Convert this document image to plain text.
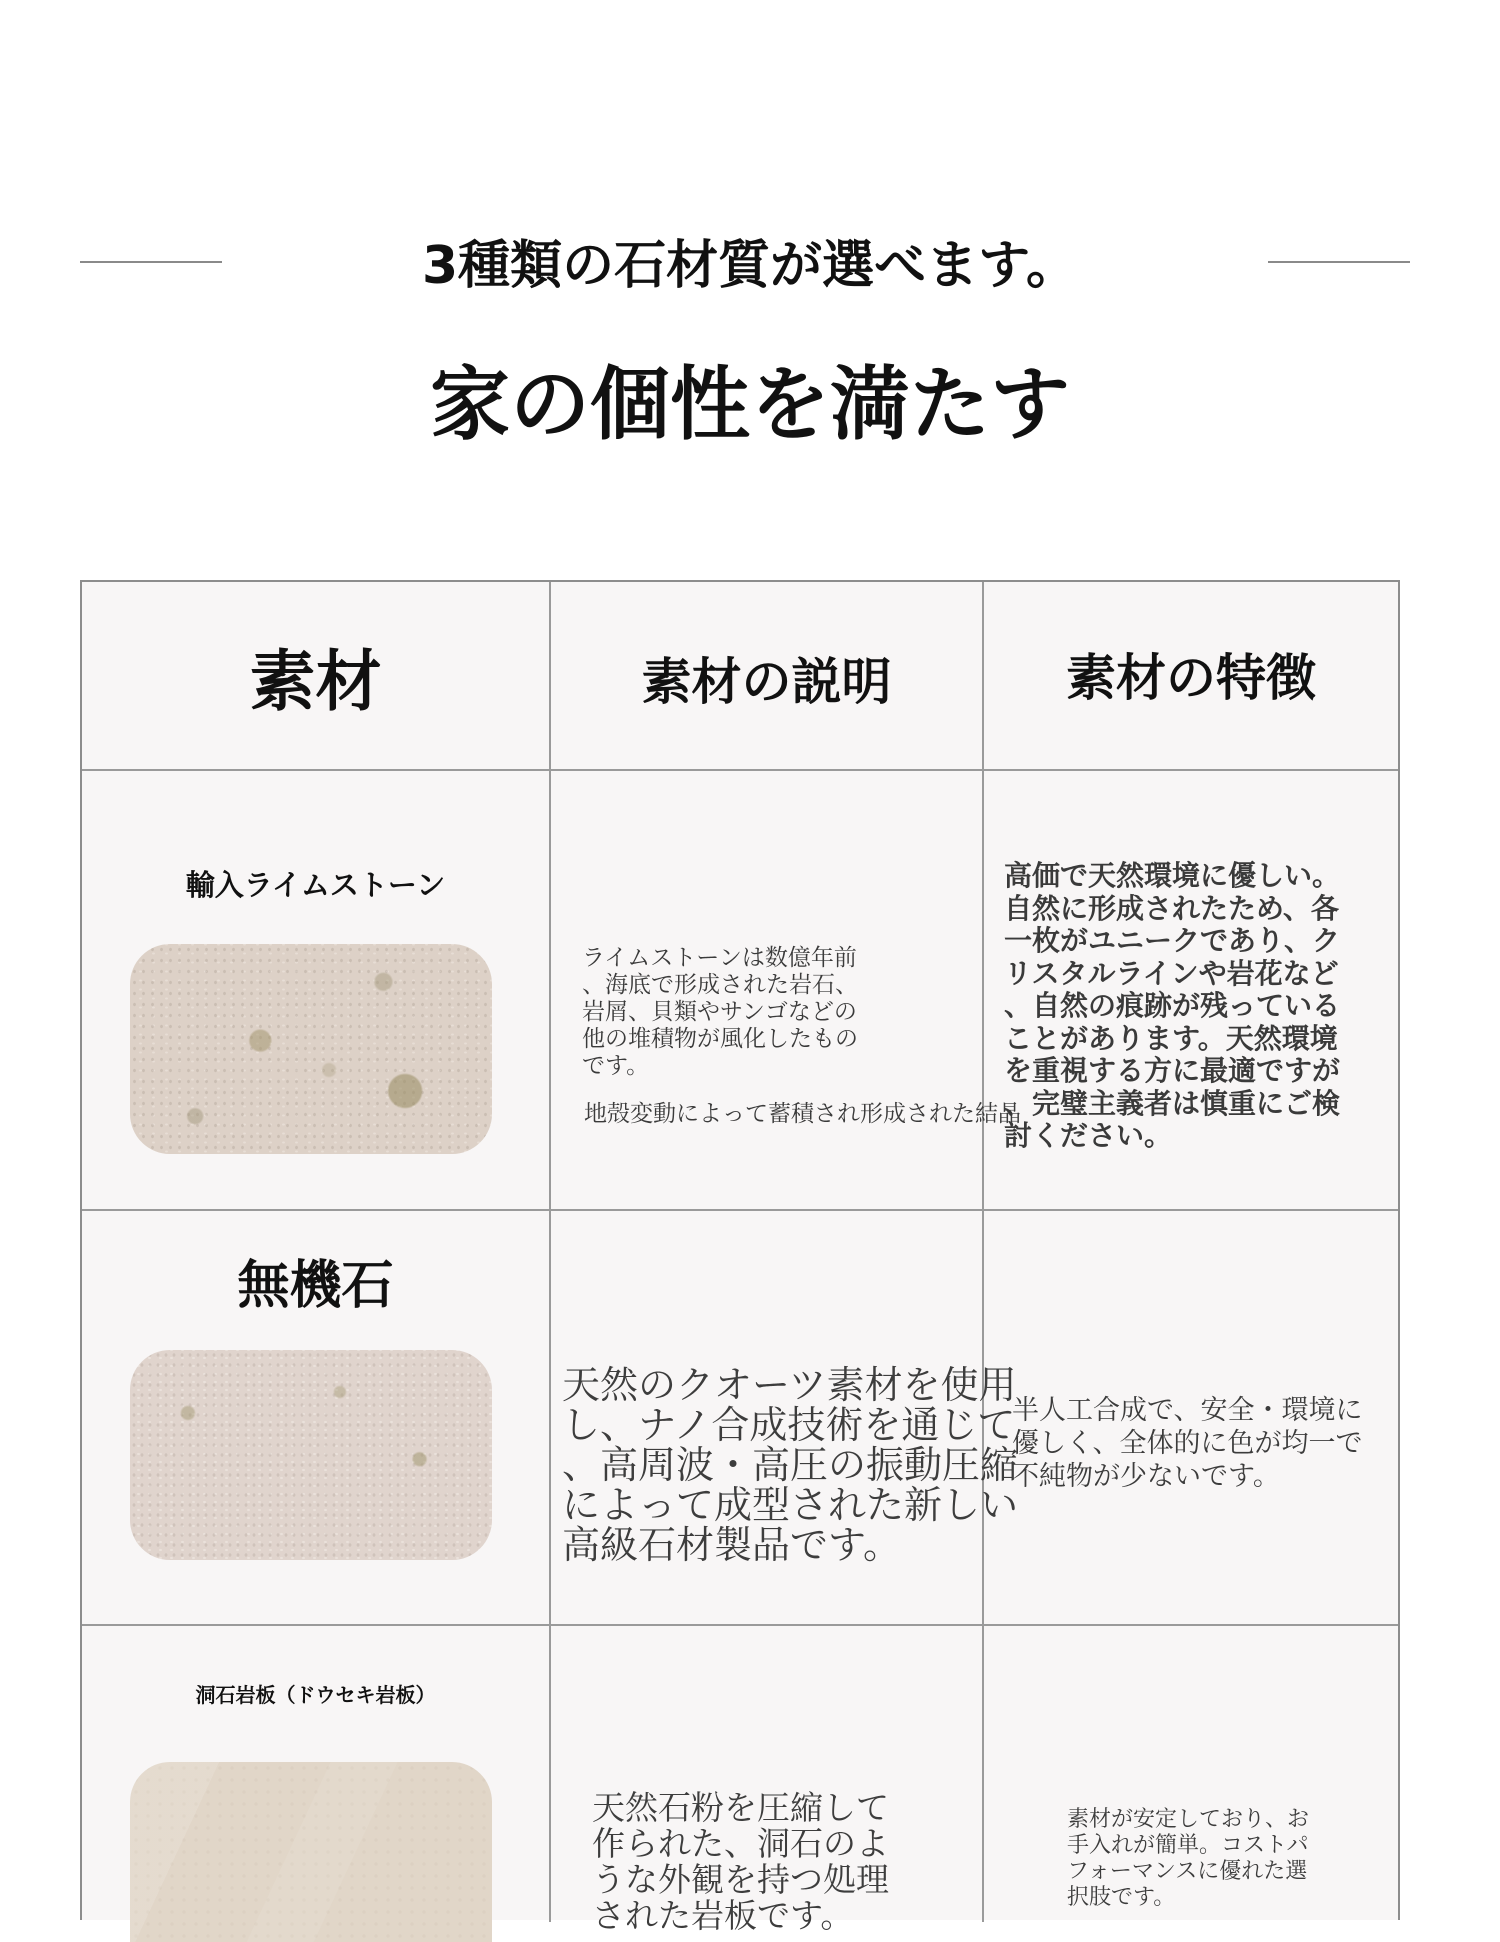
3種類の石材質が選べます。
家の個性を満たす
素材	素材の説明	素材の特徴
輸入ライムストーン
ライムストーンは数億年前
、海底で形成された岩石、
岩屑、貝類やサンゴなどの
他の堆積物が風化したもの
です。
地殻変動によって蓄積され形成された結晶
高価で天然環境に優しい。
自然に形成されたため、各
一枚がユニークであり、ク
リスタルラインや岩花など
、自然の痕跡が残っている
ことがあります。天然環境
を重視する方に最適ですが
、完璧主義者は慎重にご検
討ください。
無機石
天然のクオーツ素材を使用
し、ナノ合成技術を通じて
、高周波・高圧の振動圧縮
によって成型された新しい
高級石材製品です。
半人工合成で、安全・環境に
優しく、全体的に色が均一で
不純物が少ないです。
洞石岩板（ドウセキ岩板）
天然石粉を圧縮して
作られた、洞石のよ
うな外観を持つ処理
された岩板です。
素材が安定しており、お
手入れが簡単。コストパ
フォーマンスに優れた選
択肢です。
